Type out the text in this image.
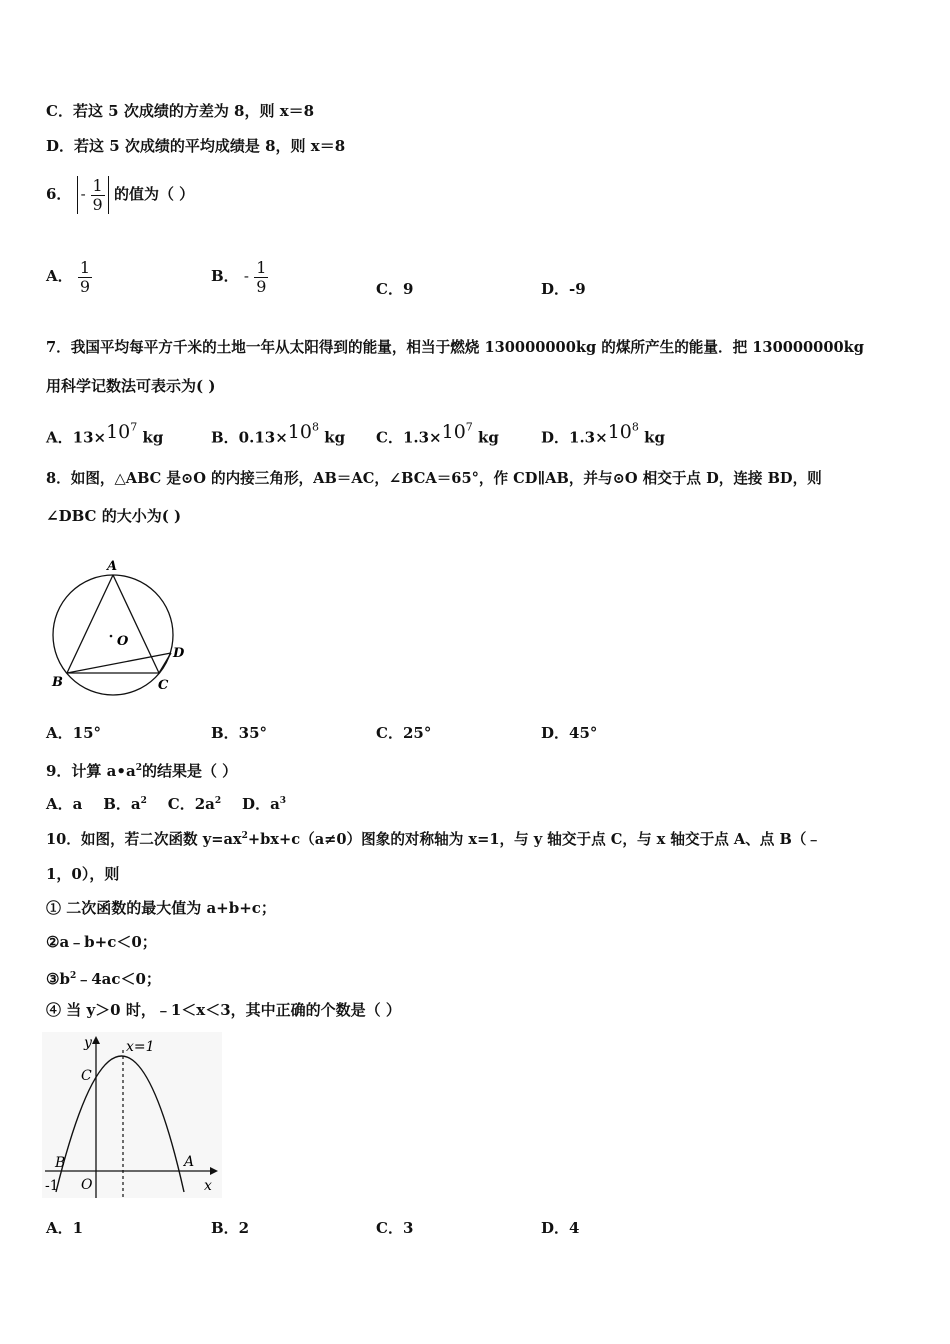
C．若这 5 次成绩的方差为 8，则 x＝8
D．若这 5 次成绩的平均成绩是 8，则 x＝8
6． - $\frac{1}{9}$ 的值为（ ）
A． $\frac{1}{9}$	B． - $\frac{1}{9}$	C．9	D．-9
7．我国平均每平方千米的土地一年从太阳得到的能量，相当于燃烧 130000000kg 的煤所产生的能量．把 130000000kg
用科学记数法可表示为( )
A．$13\times 10^7$ kg	B．$0.13\times 10^8$ kg C．$1.3\times 10^7$ kg	D．$1.3\times 10^8$ kg
8．如图，△ABC 是⊙O 的内接三角形，AB＝AC，∠BCA＝65°，作 CD∥AB，并与⊙O 相交于点 D，连接 BD，则
∠DBC 的大小为( )
A
B	C
D
O
A．15°	B．35°	C．25°	D．45°
9．计算 $a•a^2$的结果是（ ）
A．a    B．$a^2$    C．$2a^2$    D．$a^3$
10．如图，若二次函数 $y=ax^2+bx+c(a\ne 0)$图象的对称轴为 x=1，与 y 轴交于点 C，与 x 轴交于点 A、点 B（﹣
1，0），则
① 二次函数的最大值为 a+b+c；
②a﹣b+c＜0；
$③b^2﹣4ac<0$；
④ 当 y＞0 时，﹣1＜x＜3，其中正确的个数是（ ）
y x=1
C
B	A
O
-1	x
A．1	B．2	C．3	D．4
